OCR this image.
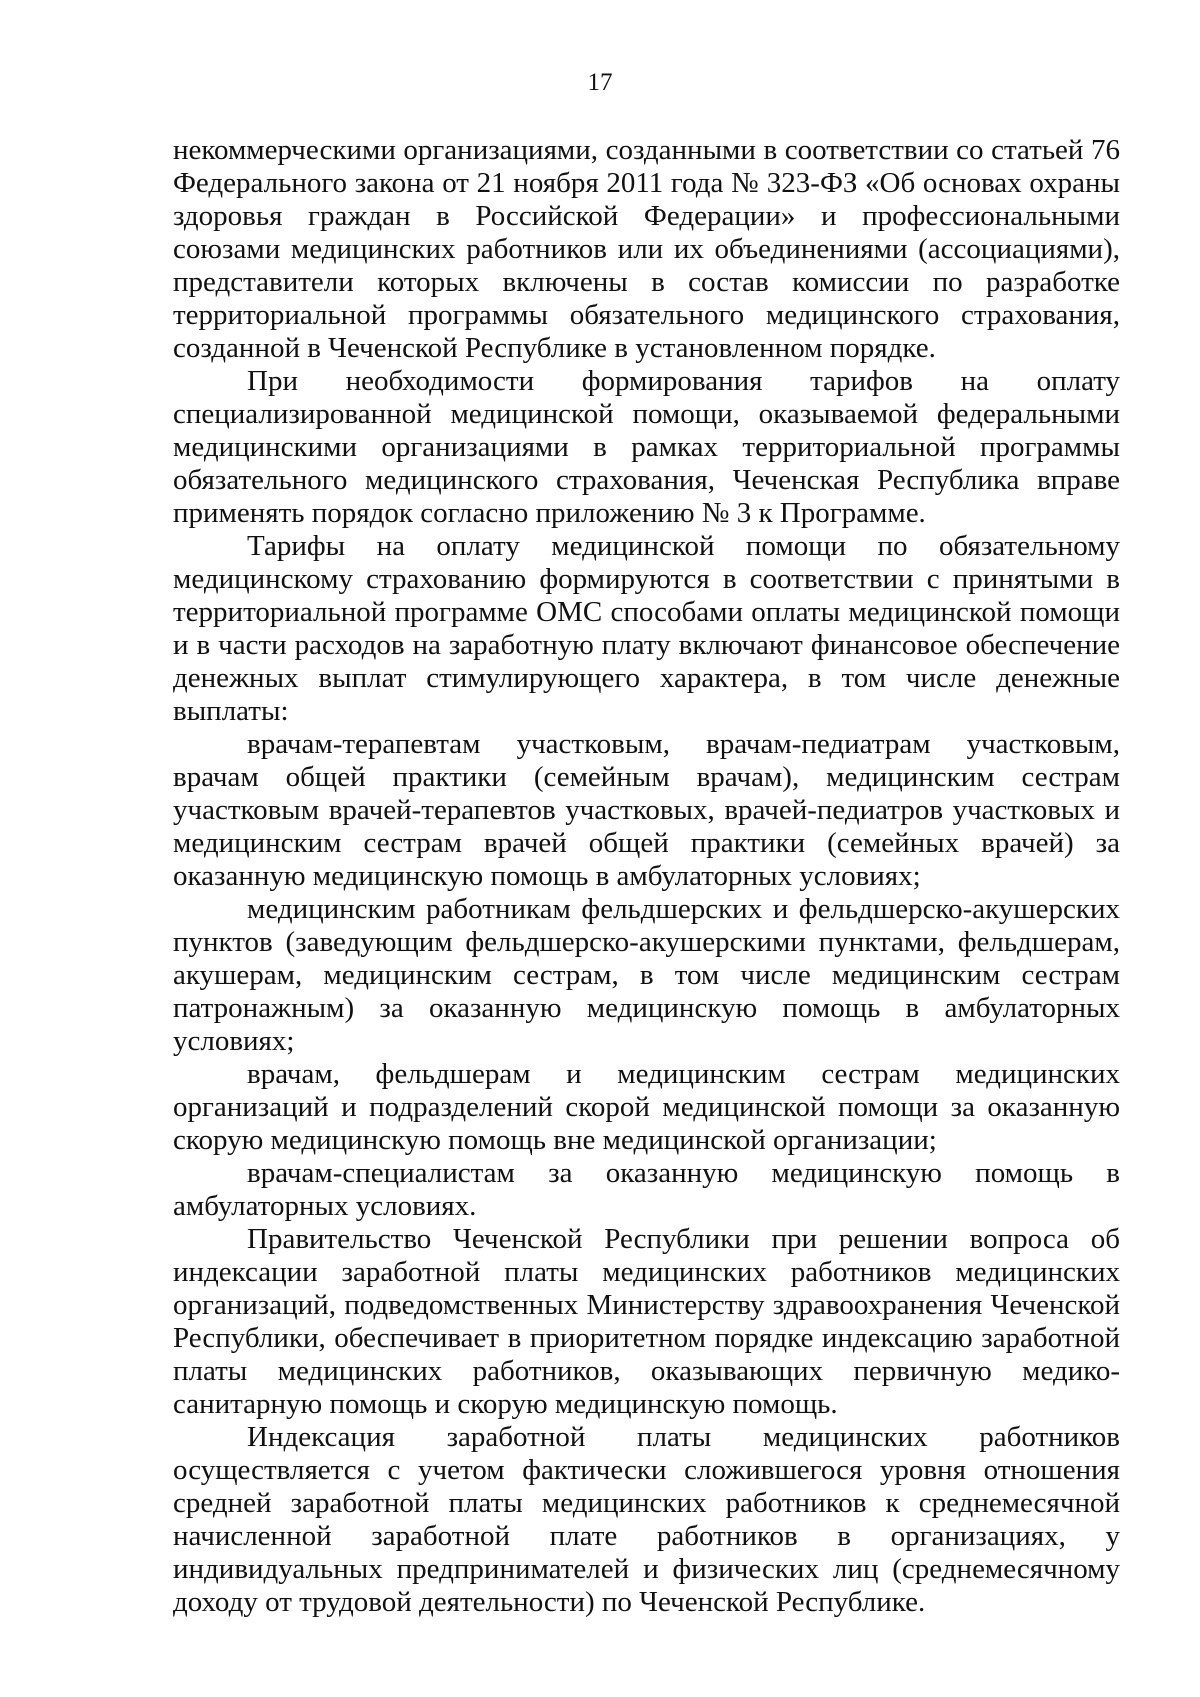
17

некоммерческими организациями, созданными в соответствии со статьей 76 Федерального закона от 21 ноября 2011 года № 323-ФЗ «Об основах охраны здоровья граждан в Российской Федерации» и профессиональными союзами медицинских работников или их объединениями (ассоциациями), представители которых включены в состав комиссии по разработке территориальной программы обязательного медицинского страхования, созданной в Чеченской Республике в установленном порядке.

При необходимости формирования тарифов на оплату специализированной медицинской помощи, оказываемой федеральными медицинскими организациями в рамках территориальной программы обязательного медицинского страхования, Чеченская Республика вправе применять порядок согласно приложению № 3 к Программе.

Тарифы на оплату медицинской помощи по обязательному медицинскому страхованию формируются в соответствии с принятыми в территориальной программе ОМС способами оплаты медицинской помощи и в части расходов на заработную плату включают финансовое обеспечение денежных выплат стимулирующего характера, в том числе денежные выплаты:

врачам-терапевтам участковым, врачам-педиатрам участковым, врачам общей практики (семейным врачам), медицинским сестрам участковым врачей-терапевтов участковых, врачей-педиатров участковых и медицинским сестрам врачей общей практики (семейных врачей) за оказанную медицинскую помощь в амбулаторных условиях;

медицинским работникам фельдшерских и фельдшерско-акушерских пунктов (заведующим фельдшерско-акушерскими пунктами, фельдшерам, акушерам, медицинским сестрам, в том числе медицинским сестрам патронажным) за оказанную медицинскую помощь в амбулаторных условиях;

врачам, фельдшерам и медицинским сестрам медицинских организаций и подразделений скорой медицинской помощи за оказанную скорую медицинскую помощь вне медицинской организации;

врачам-специалистам за оказанную медицинскую помощь в амбулаторных условиях.

Правительство Чеченской Республики при решении вопроса об индексации заработной платы медицинских работников медицинских организаций, подведомственных Министерству здравоохранения Чеченской Республики, обеспечивает в приоритетном порядке индексацию заработной платы медицинских работников, оказывающих первичную медико-санитарную помощь и скорую медицинскую помощь.

Индексация заработной платы медицинских работников осуществляется с учетом фактически сложившегося уровня отношения средней заработной платы медицинских работников к среднемесячной начисленной заработной плате работников в организациях, у индивидуальных предпринимателей и физических лиц (среднемесячному доходу от трудовой деятельности) по Чеченской Республике.
